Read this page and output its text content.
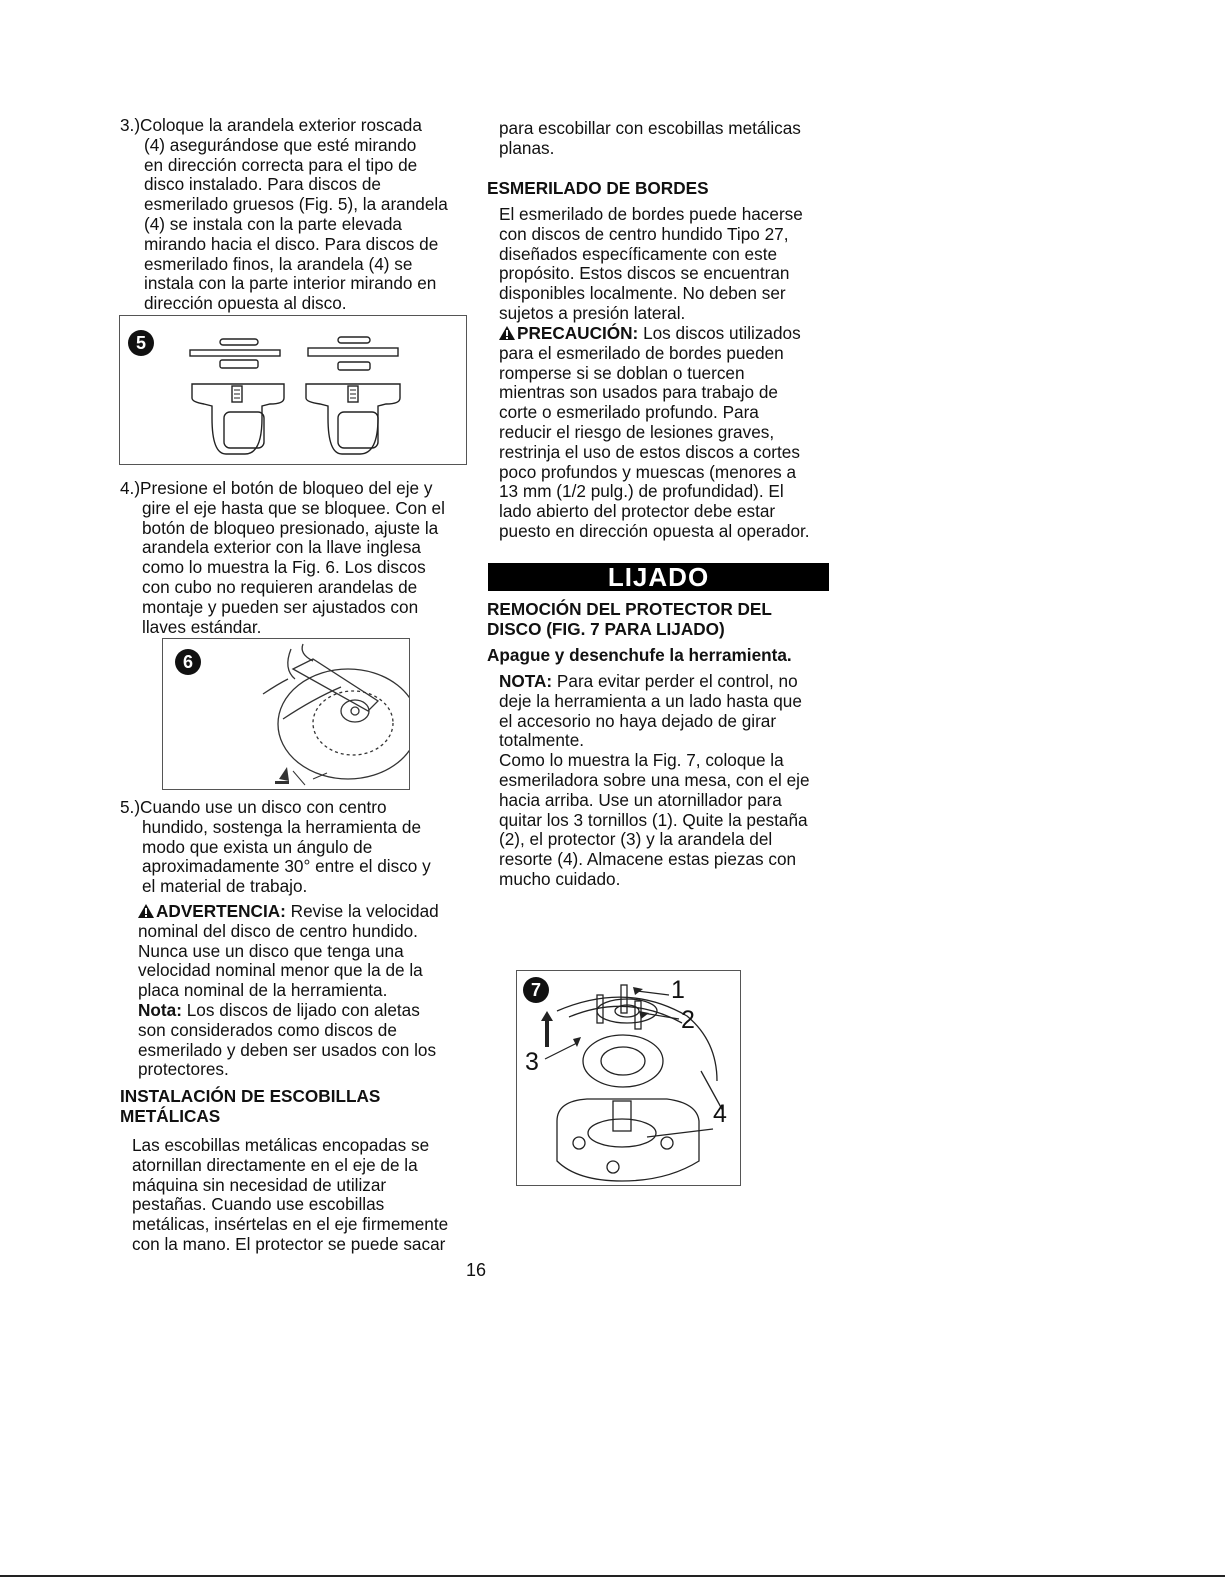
3.)Coloque la arandela exterior roscada
(4) asegurándose que esté mirando
en dirección correcta para el tipo de
disco instalado. Para discos de
esmerilado gruesos (Fig. 5), la arandela
(4) se instala con la parte elevada
mirando hacia el disco. Para discos de
esmerilado finos, la arandela (4) se
instala con la parte interior mirando en
dirección opuesta al disco.
5
4.)Presione el botón de bloqueo del eje y
gire el eje hasta que se bloquee. Con el
botón de bloqueo presionado, ajuste la
arandela exterior con la llave inglesa
como lo muestra la Fig. 6. Los discos
con cubo no requieren arandelas de
montaje y pueden ser ajustados con
llaves estándar.
6
5.)Cuando use un disco con centro
hundido, sostenga la herramienta de
modo que exista un ángulo de
aproximadamente 30° entre el disco y
el material de trabajo.
ADVERTENCIA: Revise la velocidad
nominal del disco de centro hundido.
Nunca use un disco que tenga una
velocidad nominal menor que la de la
placa nominal de la herramienta.
Nota: Los discos de lijado con aletas
son considerados como discos de
esmerilado y deben ser usados con los
protectores.
INSTALACIÓN DE ESCOBILLAS
METÁLICAS
Las escobillas metálicas encopadas se
atornillan directamente en el eje de la
máquina sin necesidad de utilizar
pestañas. Cuando use escobillas
metálicas, insértelas en el eje firmemente
con la mano. El protector se puede sacar
para escobillar con escobillas metálicas
planas.
ESMERILADO DE BORDES
El esmerilado de bordes puede hacerse
con discos de centro hundido Tipo 27,
diseñados específicamente con este
propósito. Estos discos se encuentran
disponibles localmente. No deben ser
sujetos a presión lateral.
PRECAUCIÓN: Los discos utilizados
para el esmerilado de bordes pueden
romperse si se doblan o tuercen
mientras son usados para trabajo de
corte o esmerilado profundo. Para
reducir el riesgo de lesiones graves,
restrinja el uso de estos discos a cortes
poco profundos y muescas (menores a
13 mm (1/2 pulg.) de profundidad). El
lado abierto del protector debe estar
puesto en dirección opuesta al operador.
LIJADO
REMOCIÓN DEL PROTECTOR DEL
DISCO (FIG. 7 PARA LIJADO)
Apague y desenchufe la herramienta.
NOTA: Para evitar perder el control, no
deje la herramienta a un lado hasta que
el accesorio no haya dejado de girar
totalmente.
Como lo muestra la Fig. 7, coloque la
esmeriladora sobre una mesa, con el eje
hacia arriba. Use un atornillador para
quitar los 3 tornillos (1). Quite la pestaña
(2), el protector (3) y la arandela del
resorte (4). Almacene estas piezas con
mucho cuidado.
7	1
2
3
4
16
